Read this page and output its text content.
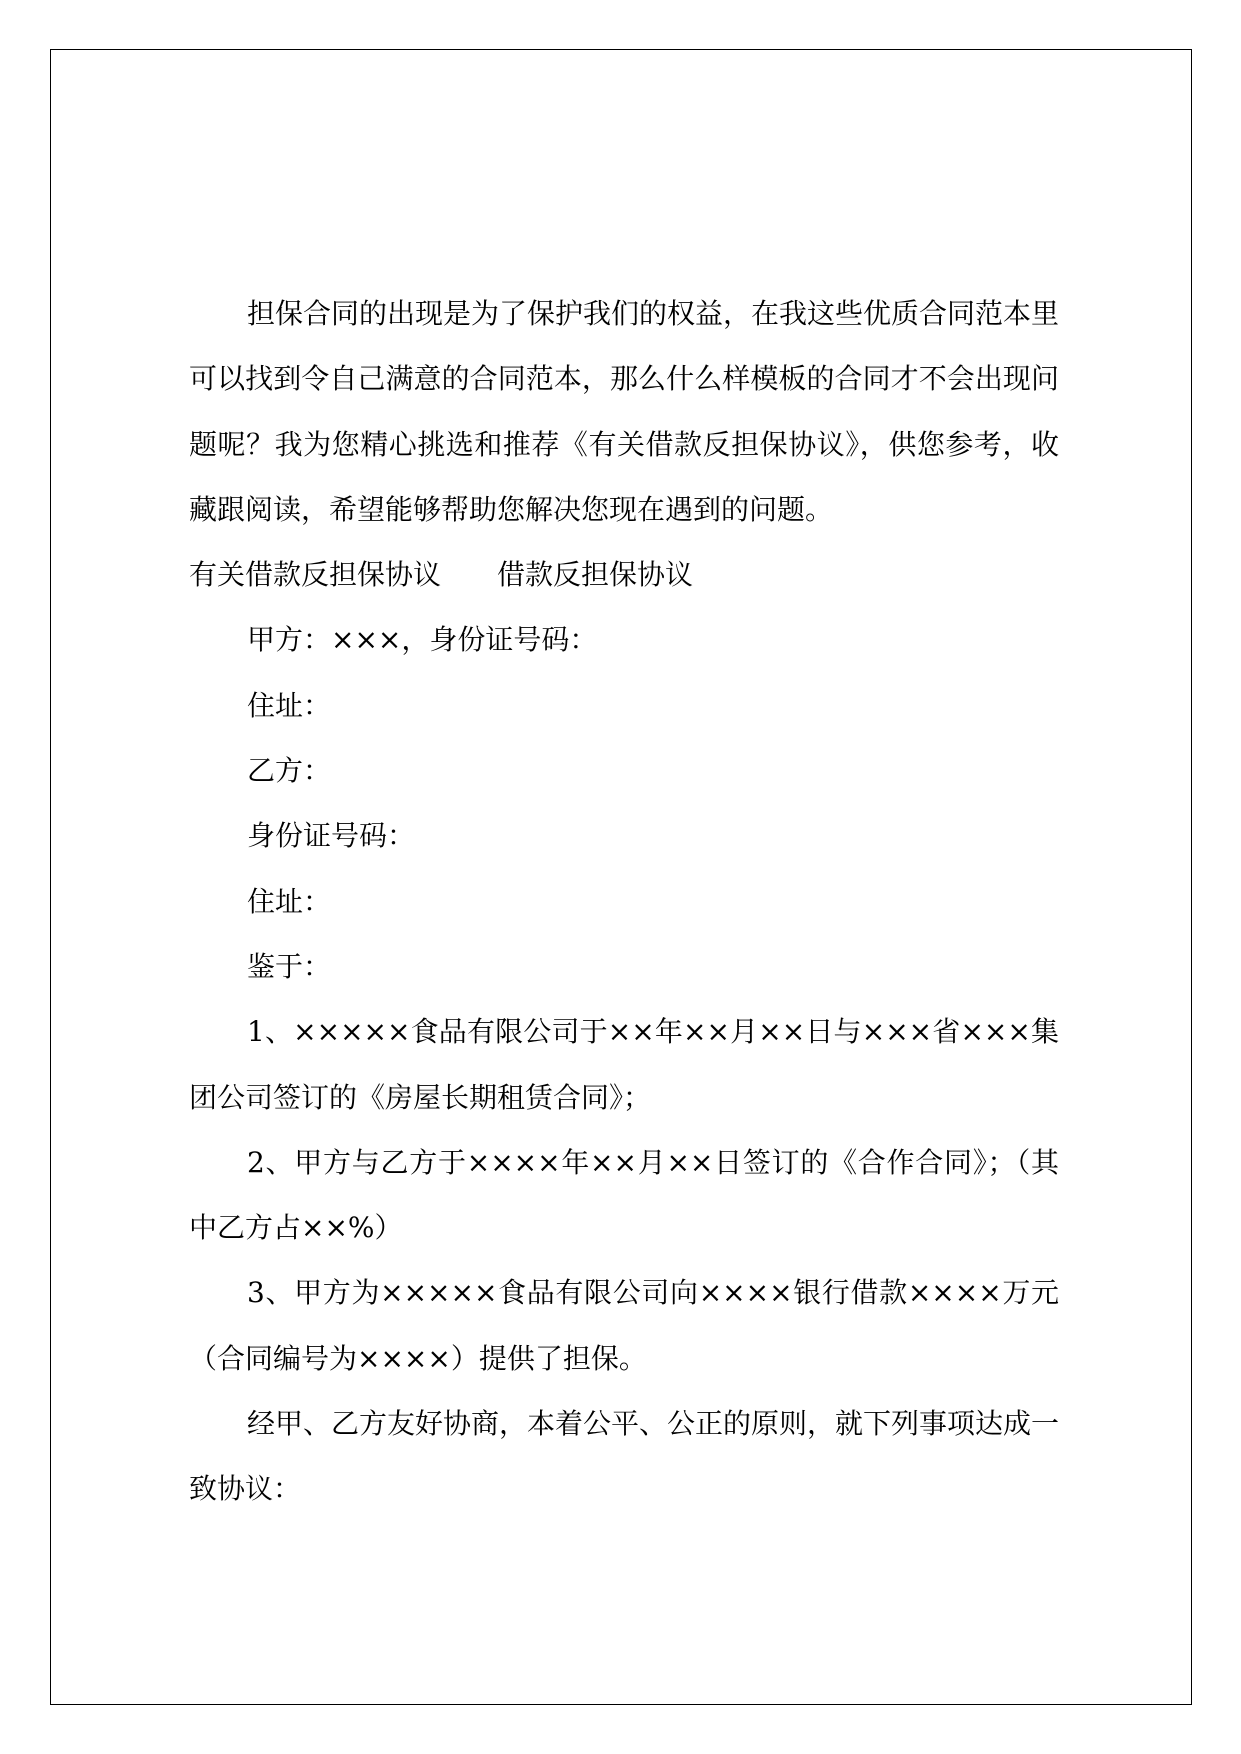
担保合同的出现是为了保护我们的权益，在我这些优质合同范本里可以找到令自己满意的合同范本，那么什么样模板的合同才不会出现问题呢？我为您精心挑选和推荐《有关借款反担保协议》，供您参考，收藏跟阅读，希望能够帮助您解决您现在遇到的问题。

有关借款反担保协议　　借款反担保协议

甲方：×××，身份证号码：

住址：

乙方：

身份证号码：

住址：

鉴于：

1、×××××食品有限公司于××年××月××日与×××省×××集团公司签订的《房屋长期租赁合同》；

2、甲方与乙方于××××年××月××日签订的《合作合同》；（其中乙方占××%）

3、甲方为×××××食品有限公司向××××银行借款××××万元（合同编号为××××）提供了担保。

经甲、乙方友好协商，本着公平、公正的原则，就下列事项达成一致协议：
